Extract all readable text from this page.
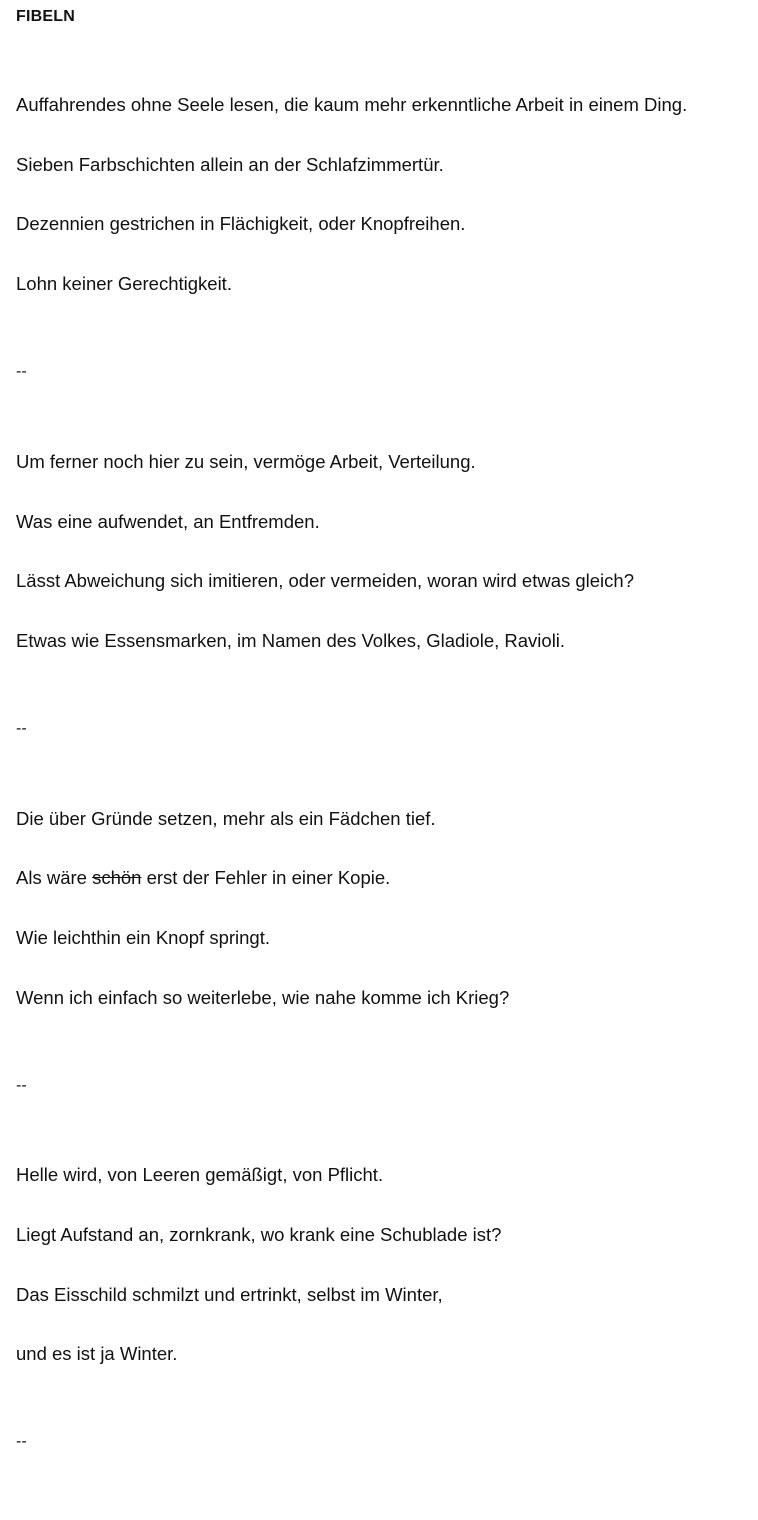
FIBELN

Auffahrendes ohne Seele lesen, die kaum mehr erkenntliche Arbeit in einem Ding.

Sieben Farbschichten allein an der Schlafzimmertür.

Dezennien gestrichen in Flächigkeit, oder Knopfreihen.

Lohn keiner Gerechtigkeit.

--

Um ferner noch hier zu sein, vermöge Arbeit, Verteilung.

Was eine aufwendet, an Entfremden.

Lässt Abweichung sich imitieren, oder vermeiden, woran wird etwas gleich?

Etwas wie Essensmarken, im Namen des Volkes, Gladiole, Ravioli.

--

Die über Gründe setzen, mehr als ein Fädchen tief.

Als wäre schön erst der Fehler in einer Kopie.

Wie leichthin ein Knopf springt.

Wenn ich einfach so weiterlebe, wie nahe komme ich Krieg?

--

Helle wird, von Leeren gemäßigt, von Pflicht.

Liegt Aufstand an, zornkrank, wo krank eine Schublade ist?

Das Eisschild schmilzt und ertrinkt, selbst im Winter,

und es ist ja Winter.

--
